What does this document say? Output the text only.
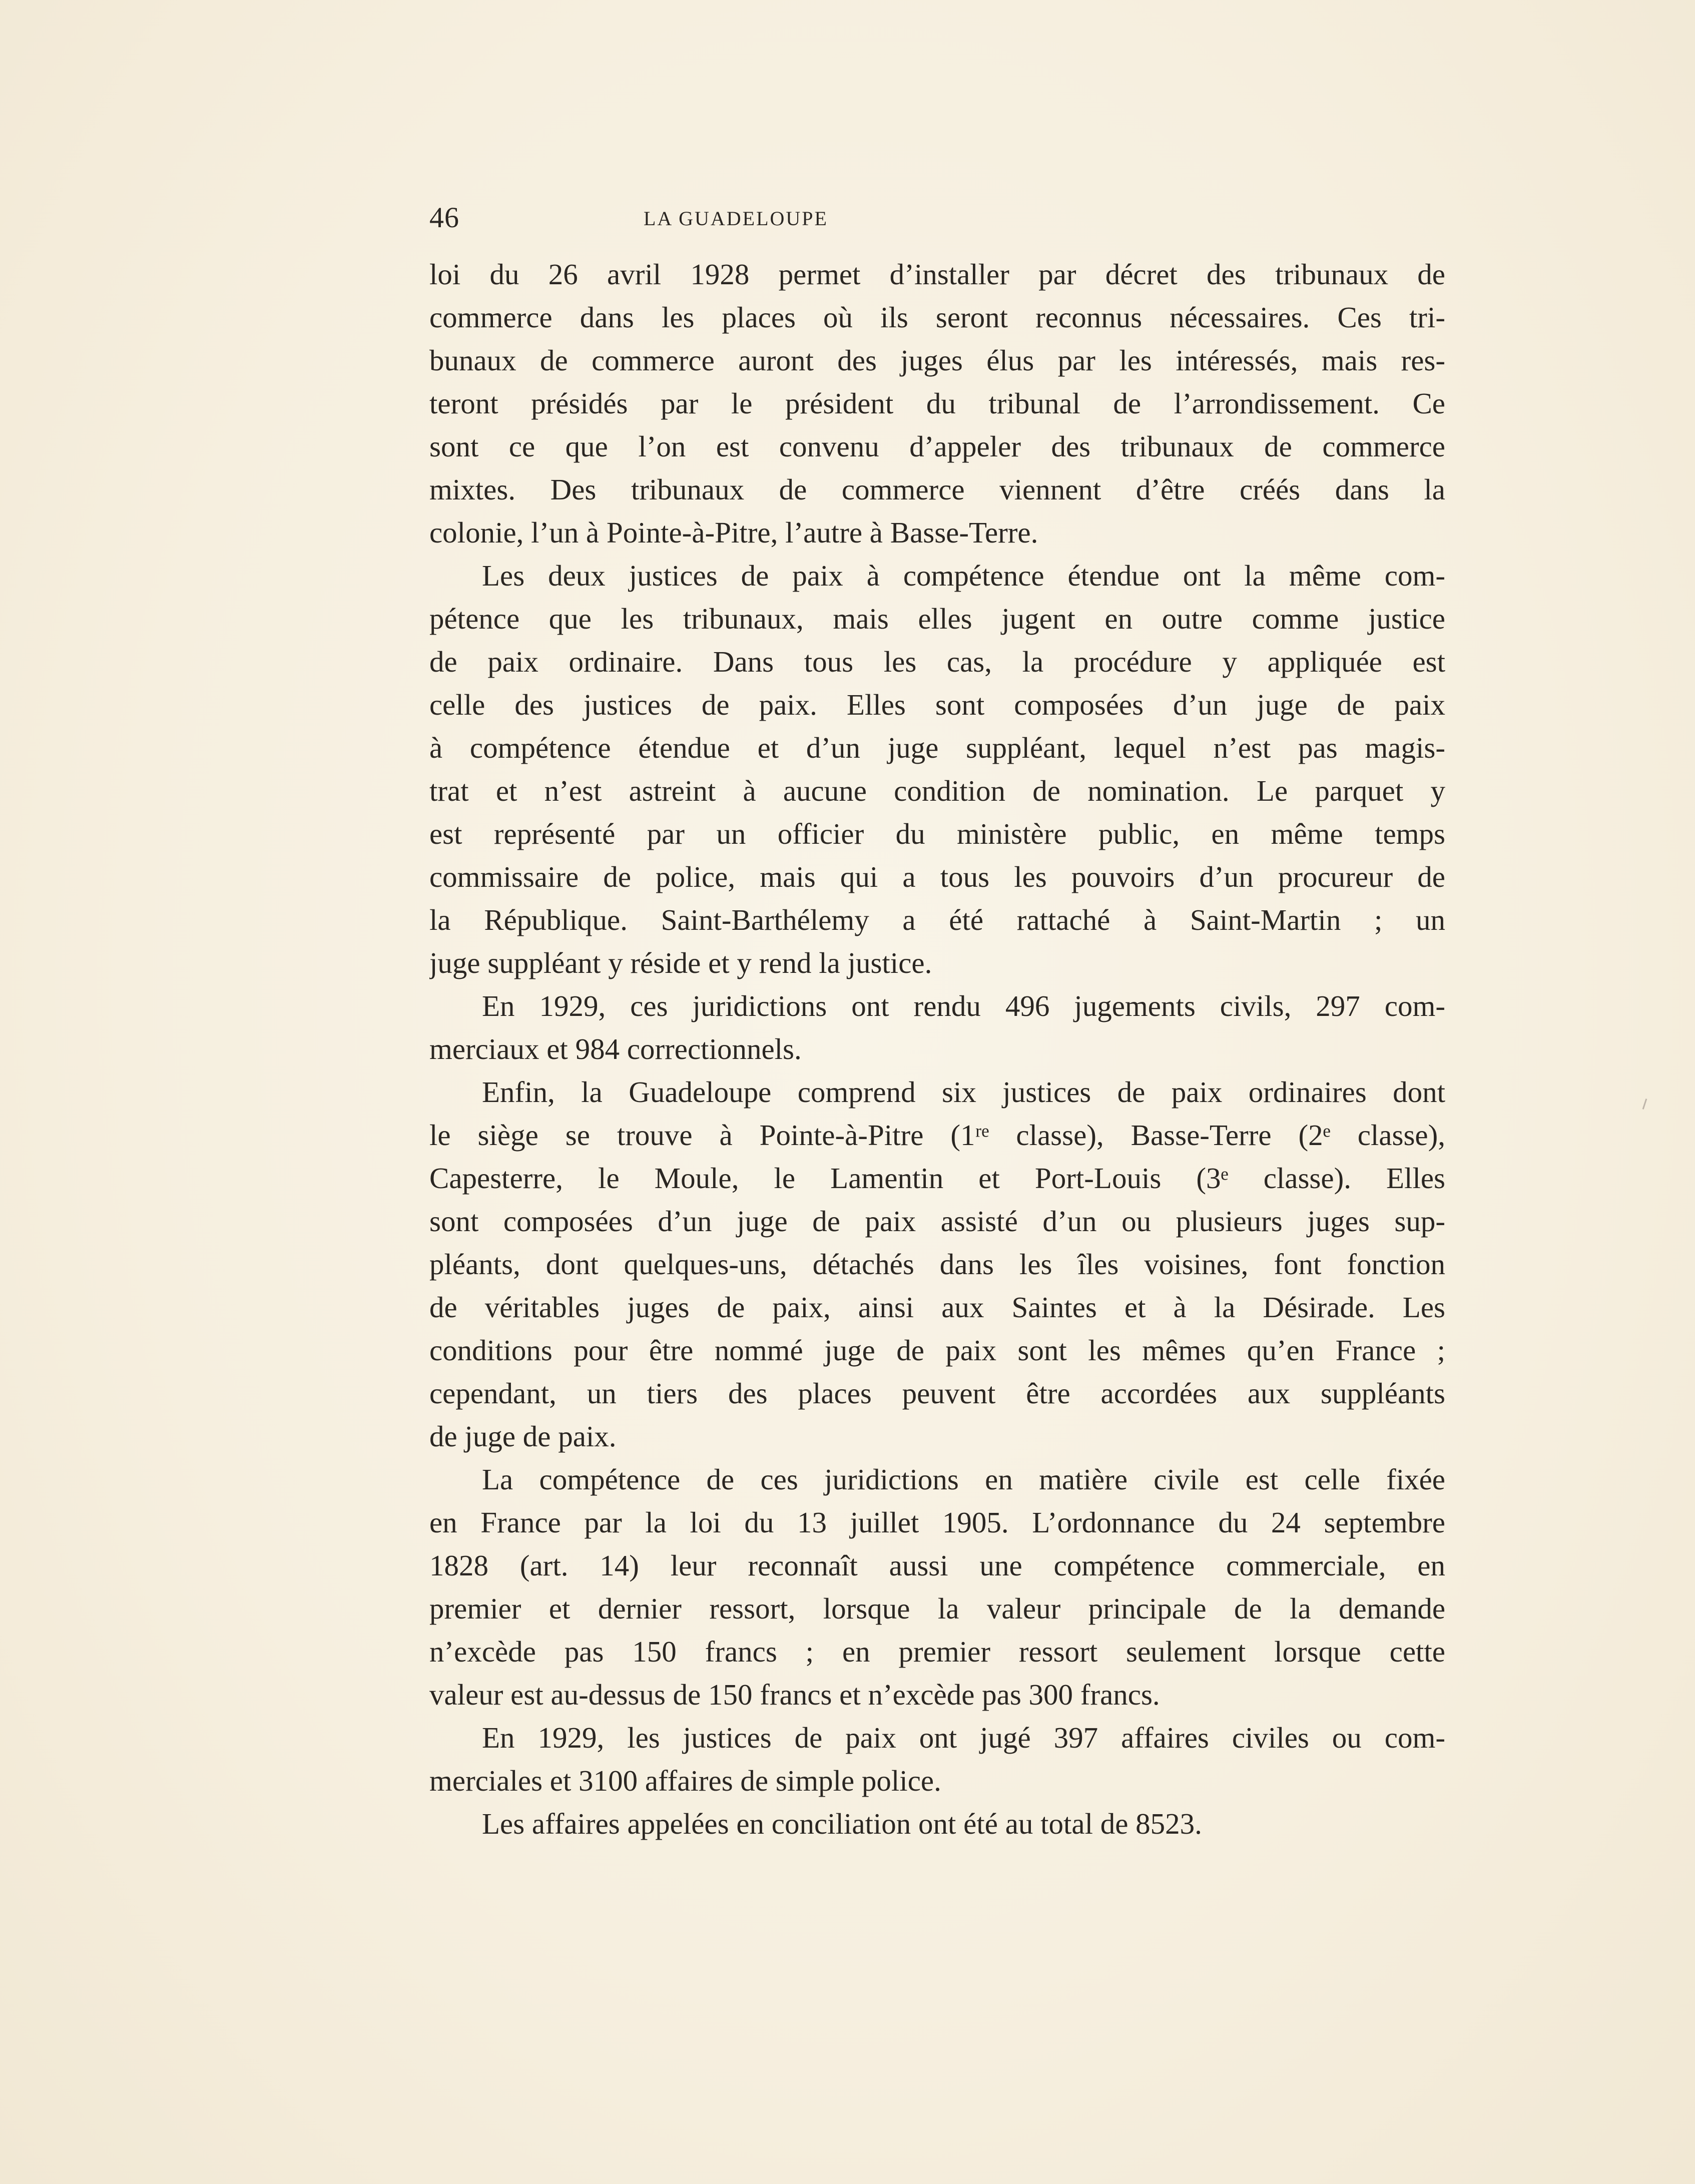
46	LA GUADELOUPE
loi du 26 avril 1928 permet d’installer par décret des tribunaux de
commerce dans les places où ils seront reconnus nécessaires. Ces tri-
bunaux de commerce auront des juges élus par les intéressés, mais res-
teront présidés par le président du tribunal de l’arrondissement. Ce
sont ce que l’on est convenu d’appeler des tribunaux de commerce
mixtes. Des tribunaux de commerce viennent d’être créés dans la
colonie, l’un à Pointe-à-Pitre, l’autre à Basse-Terre.
Les deux justices de paix à compétence étendue ont la même com-
pétence que les tribunaux, mais elles jugent en outre comme justice
de paix ordinaire. Dans tous les cas, la procédure y appliquée est
celle des justices de paix. Elles sont composées d’un juge de paix
à compétence étendue et d’un juge suppléant, lequel n’est pas magis-
trat et n’est astreint à aucune condition de nomination. Le parquet y
est représenté par un officier du ministère public, en même temps
commissaire de police, mais qui a tous les pouvoirs d’un procureur de
la République. Saint-Barthélemy a été rattaché à Saint-Martin ; un
juge suppléant y réside et y rend la justice.
En 1929, ces juridictions ont rendu 496 jugements civils, 297 com-
merciaux et 984 correctionnels.
Enfin, la Guadeloupe comprend six justices de paix ordinaires dont
le siège se trouve à Pointe-à-Pitre (1ʳᵉ classe), Basse-Terre (2ᵉ classe),
Capesterre, le Moule, le Lamentin et Port-Louis (3ᵉ classe). Elles
sont composées d’un juge de paix assisté d’un ou plusieurs juges sup-
pléants, dont quelques-uns, détachés dans les îles voisines, font fonction
de véritables juges de paix, ainsi aux Saintes et à la Désirade. Les
conditions pour être nommé juge de paix sont les mêmes qu’en France ;
cependant, un tiers des places peuvent être accordées aux suppléants
de juge de paix.
La compétence de ces juridictions en matière civile est celle fixée
en France par la loi du 13 juillet 1905. L’ordonnance du 24 septembre
1828 (art. 14) leur reconnaît aussi une compétence commerciale, en
premier et dernier ressort, lorsque la valeur principale de la demande
n’excède pas 150 francs ; en premier ressort seulement lorsque cette
valeur est au-dessus de 150 francs et n’excède pas 300 francs.
En 1929, les justices de paix ont jugé 397 affaires civiles ou com-
merciales et 3100 affaires de simple police.
Les affaires appelées en conciliation ont été au total de 8523.
